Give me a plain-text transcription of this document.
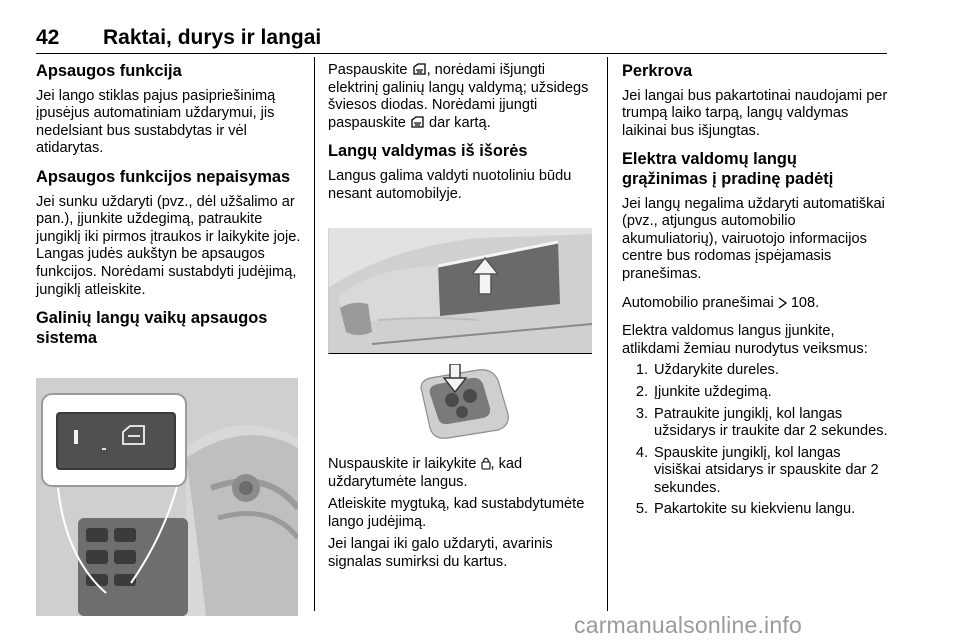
42 Raktai, durys ir langai
Apsaugos funkcija

Jei lango stiklas pajus pasipriešinimą įpusėjus automatiniam uždarymui, jis nedelsiant bus sustabdytas ir vėl atidarytas.

Apsaugos funkcijos nepaisymas

Jei sunku uždaryti (pvz., dėl užšalimo ar pan.), įjunkite uždegimą, patraukite jungiklį iki pirmos įtraukos ir laikykite joje. Langas judės aukštyn be apsaugos funkcijos. Norėdami sustabdyti judėjimą, jungiklį atleiskite.

Galinių langų vaikų apsaugos sistema

Paspauskite , norėdami išjungti elektrinį galinių langų valdymą; užsidegs šviesos diodas. Norėdami įjungti paspauskite dar kartą.

Langų valdymas iš išorės

Langus galima valdyti nuotoliniu būdu nesant automobilyje.

Nuspauskite ir laikykite , kad uždarytumėte langus.

Atleiskite mygtuką, kad sustabdytumėte lango judėjimą.

Jei langai iki galo uždaryti, avarinis signalas sumirksi du kartus.

Perkrova

Jei langai bus pakartotinai naudojami per trumpą laiko tarpą, langų valdymas laikinai bus išjungtas.

Elektra valdomų langų
grąžinimas į pradinę padėtį

Jei langų negalima uždaryti automatiškai (pvz., atjungus automobilio akumuliatorių), vairuotojo informacijos centre bus rodomas įspėjamasis pranešimas.

Automobilio pranešimai  108.

Elektra valdomus langus įjunkite, atlikdami žemiau nurodytus veiksmus:

1. Uždarykite dureles.
2. Įjunkite uždegimą.
3. Patraukite jungiklį, kol langas
užsidarys ir traukite dar 2 sekundes.
4. Spauskite jungiklį, kol langas
visiškai atsidarys ir spauskite dar 2 sekundes.
5. Pakartokite su kiekvienu langu.
carmanualsonline.info
